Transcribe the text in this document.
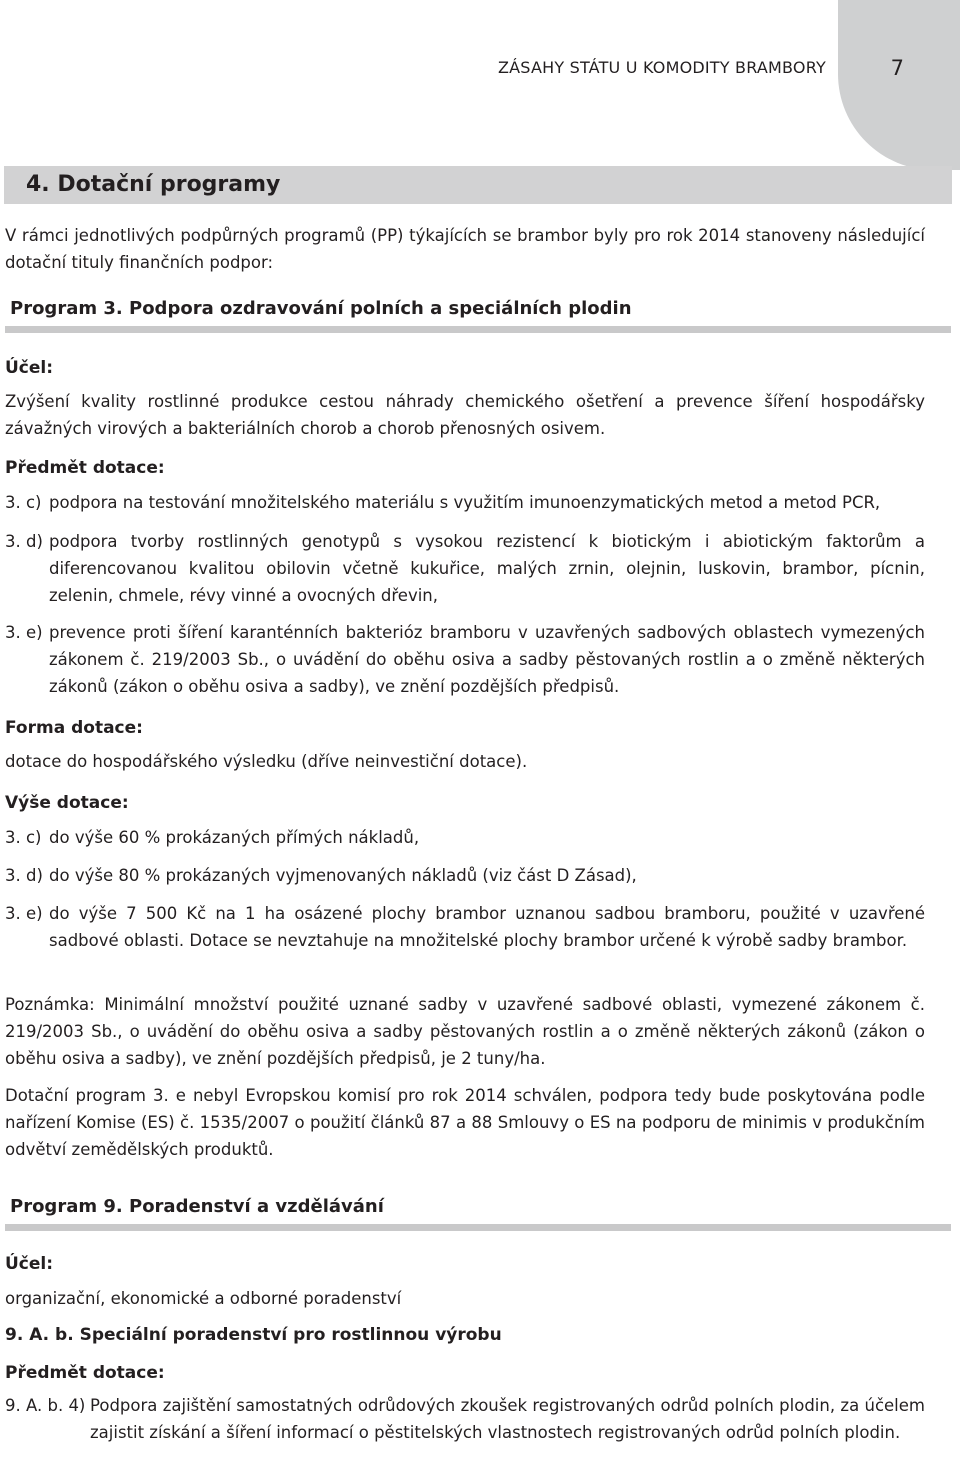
ZÁSAHY STÁTU U KOMODITY BRAMBORY	7
4. Dotační programy
V rámci jednotlivých podpůrných programů (PP) týkajících se brambor byly pro rok 2014 stanoveny následující dotační tituly finančních podpor:
Program 3. Podpora ozdravování polních a speciálních plodin
Účel:
Zvýšení kvality rostlinné produkce cestou náhrady chemického ošetření a prevence šíření hospodářsky závažných virových a bakteriálních chorob a chorob přenosných osivem.
Předmět dotace:
3. c) podpora na testování množitelského materiálu s využitím imunoenzymatických metod a metod PCR,
3. d) podpora tvorby rostlinných genotypů s vysokou rezistencí k biotickým i abiotickým faktorům a diferencovanou kvalitou obilovin včetně kukuřice, malých zrnin, olejnin, luskovin, brambor, pícnin, zelenin, chmele, révy vinné a ovocných dřevin,
3. e) prevence proti šíření karanténních bakterióz bramboru v uzavřených sadbových oblastech vymezených zákonem č. 219/2003 Sb., o uvádění do oběhu osiva a sadby pěstovaných rostlin a o změně některých zákonů (zákon o oběhu osiva a sadby), ve znění pozdějších předpisů.
Forma dotace:
dotace do hospodářského výsledku (dříve neinvestiční dotace).
Výše dotace:
3. c) do výše 60 % prokázaných přímých nákladů,
3. d) do výše 80 % prokázaných vyjmenovaných nákladů (viz část D Zásad),
3. e) do výše 7 500 Kč na 1 ha osázené plochy brambor uznanou sadbou bramboru, použité v uzavřené sadbové oblasti. Dotace se nevztahuje na množitelské plochy brambor určené k výrobě sadby brambor.
Poznámka: Minimální množství použité uznané sadby v uzavřené sadbové oblasti, vymezené zákonem č. 219/2003 Sb., o uvádění do oběhu osiva a sadby pěstovaných rostlin a o změně některých zákonů (zákon o oběhu osiva a sadby), ve znění pozdějších předpisů, je 2 tuny/ha.
Dotační program 3. e nebyl Evropskou komisí pro rok 2014 schválen, podpora tedy bude poskytována podle nařízení Komise (ES) č. 1535/2007 o použití článků 87 a 88 Smlouvy o ES na podporu de minimis v produkčním odvětví zemědělských produktů.
Program 9. Poradenství a vzdělávání
Účel:
organizační, ekonomické a odborné poradenství
9. A. b. Speciální poradenství pro rostlinnou výrobu
Předmět dotace:
9. A. b. 4) Podpora zajištění samostatných odrůdových zkoušek registrovaných odrůd polních plodin, za účelem zajistit získání a šíření informací o pěstitelských vlastnostech registrovaných odrůd polních plodin.
